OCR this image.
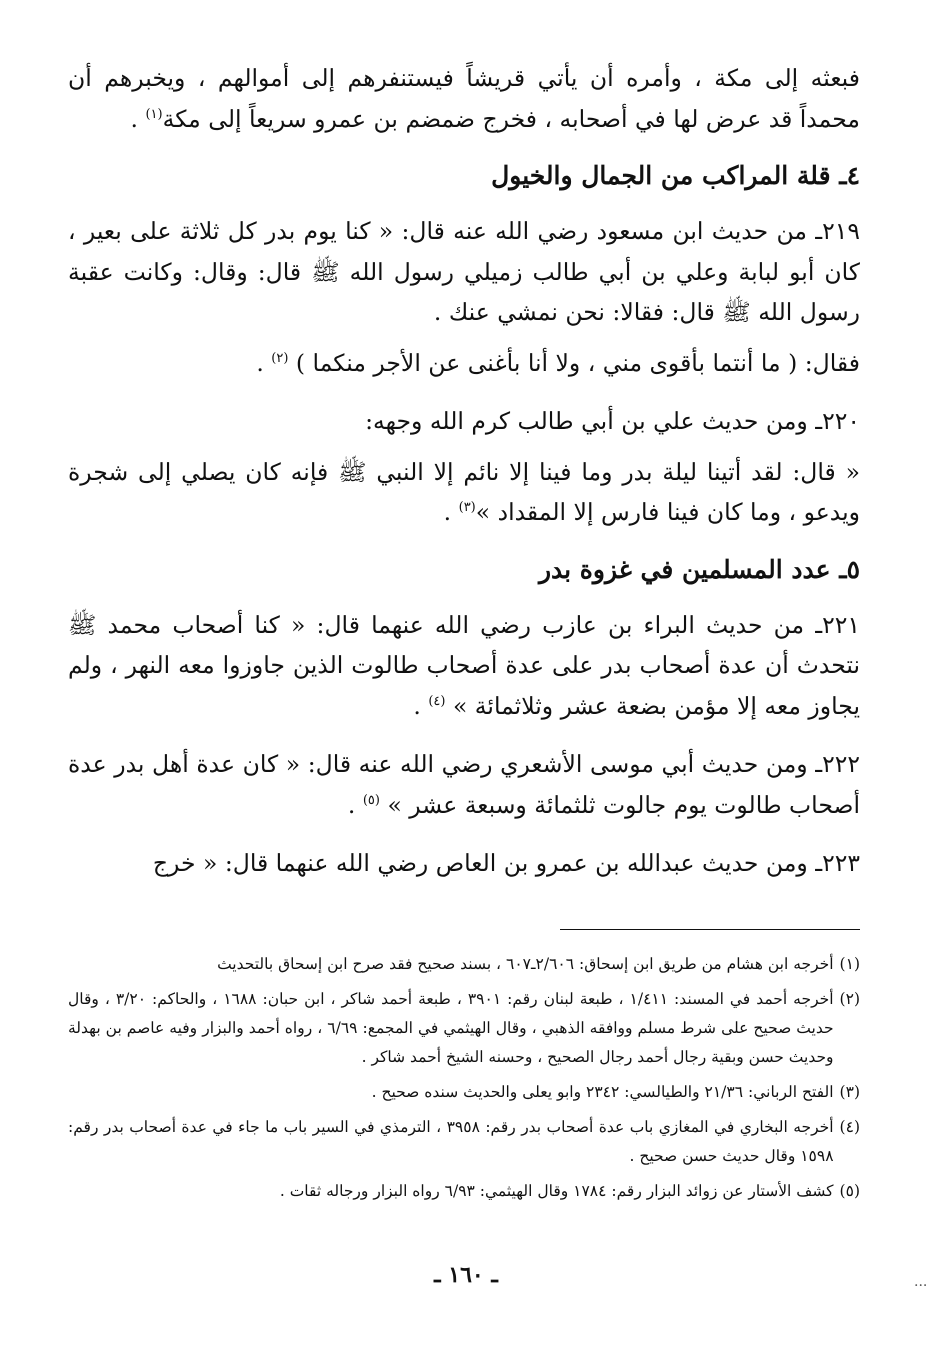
فبعثه إلى مكة ، وأمره أن يأتي قريشاً فيستنفرهم إلى أموالهم ، ويخبرهم أن محمداً قد عرض لها في أصحابه ، فخرج ضمضم بن عمرو سريعاً إلى مكة$^{(١)}$ .

٤ـ قلة المراكب من الجمال والخيول

٢١٩ـ من حديث ابن مسعود رضي الله عنه قال: « كنا يوم بدر كل ثلاثة على بعير ، كان أبو لبابة وعلي بن أبي طالب زميلي رسول الله ﷺ قال: وقال: وكانت عقبة رسول الله ﷺ قال: فقالا: نحن نمشي عنك .

فقال: ( ما أنتما بأقوى مني ، ولا أنا بأغنى عن الأجر منكما ) $^{(٢)}$ .

٢٢٠ـ ومن حديث علي بن أبي طالب كرم الله وجهه:

« قال: لقد أتينا ليلة بدر وما فينا إلا نائم إلا النبي ﷺ فإنه كان يصلي إلى شجرة ويدعو ، وما كان فينا فارس إلا المقداد »$^{(٣)}$ .

٥ـ عدد المسلمين في غزوة بدر

٢٢١ـ من حديث البراء بن عازب رضي الله عنهما قال: « كنا أصحاب محمد ﷺ نتحدث أن عدة أصحاب بدر على عدة أصحاب طالوت الذين جاوزوا معه النهر ، ولم يجاوز معه إلا مؤمن بضعة عشر وثلاثمائة » $^{(٤)}$ .

٢٢٢ـ ومن حديث أبي موسى الأشعري رضي الله عنه قال: « كان عدة أهل بدر عدة أصحاب طالوت يوم جالوت ثلثمائة وسبعة عشر » $^{(٥)}$ .

٢٢٣ـ ومن حديث عبدالله بن عمرو بن العاص رضي الله عنهما قال: « خرج

(١)
أخرجه ابن هشام من طريق ابن إسحاق: ٢/٦٠٦ـ٦٠٧ ، بسند صحيح فقد صرح ابن إسحاق بالتحديث
(٢)
أخرجه أحمد في المسند: ١/٤١١ ، طبعة لبنان رقم: ٣٩٠١ ، طبعة أحمد شاكر ، ابن حبان: ١٦٨٨ ، والحاكم: ٣/٢٠ ، وقال حديث صحيح على شرط مسلم ووافقه الذهبي ، وقال الهيثمي في المجمع: ٦/٦٩ ، رواه أحمد والبزار وفيه عاصم بن بهدلة وحديث حسن وبقية رجال أحمد رجال الصحيح ، وحسنه الشيخ أحمد شاكر .
(٣)
الفتح الرباني: ٢١/٣٦ والطيالسي: ٢٣٤٢ وابو يعلى والحديث سنده صحيح .
(٤)
أخرجه البخاري في المغازي باب عدة أصحاب بدر رقم: ٣٩٥٨ ، الترمذي في السير باب ما جاء في عدة أصحاب بدر رقم: ١٥٩٨ وقال حديث حسن صحيح .
(٥)
كشف الأستار عن زوائد البزار رقم: ١٧٨٤ وقال الهيثمي: ٦/٩٣ رواه البزار ورجاله ثقات .
ـ ١٦٠ ـ	...
